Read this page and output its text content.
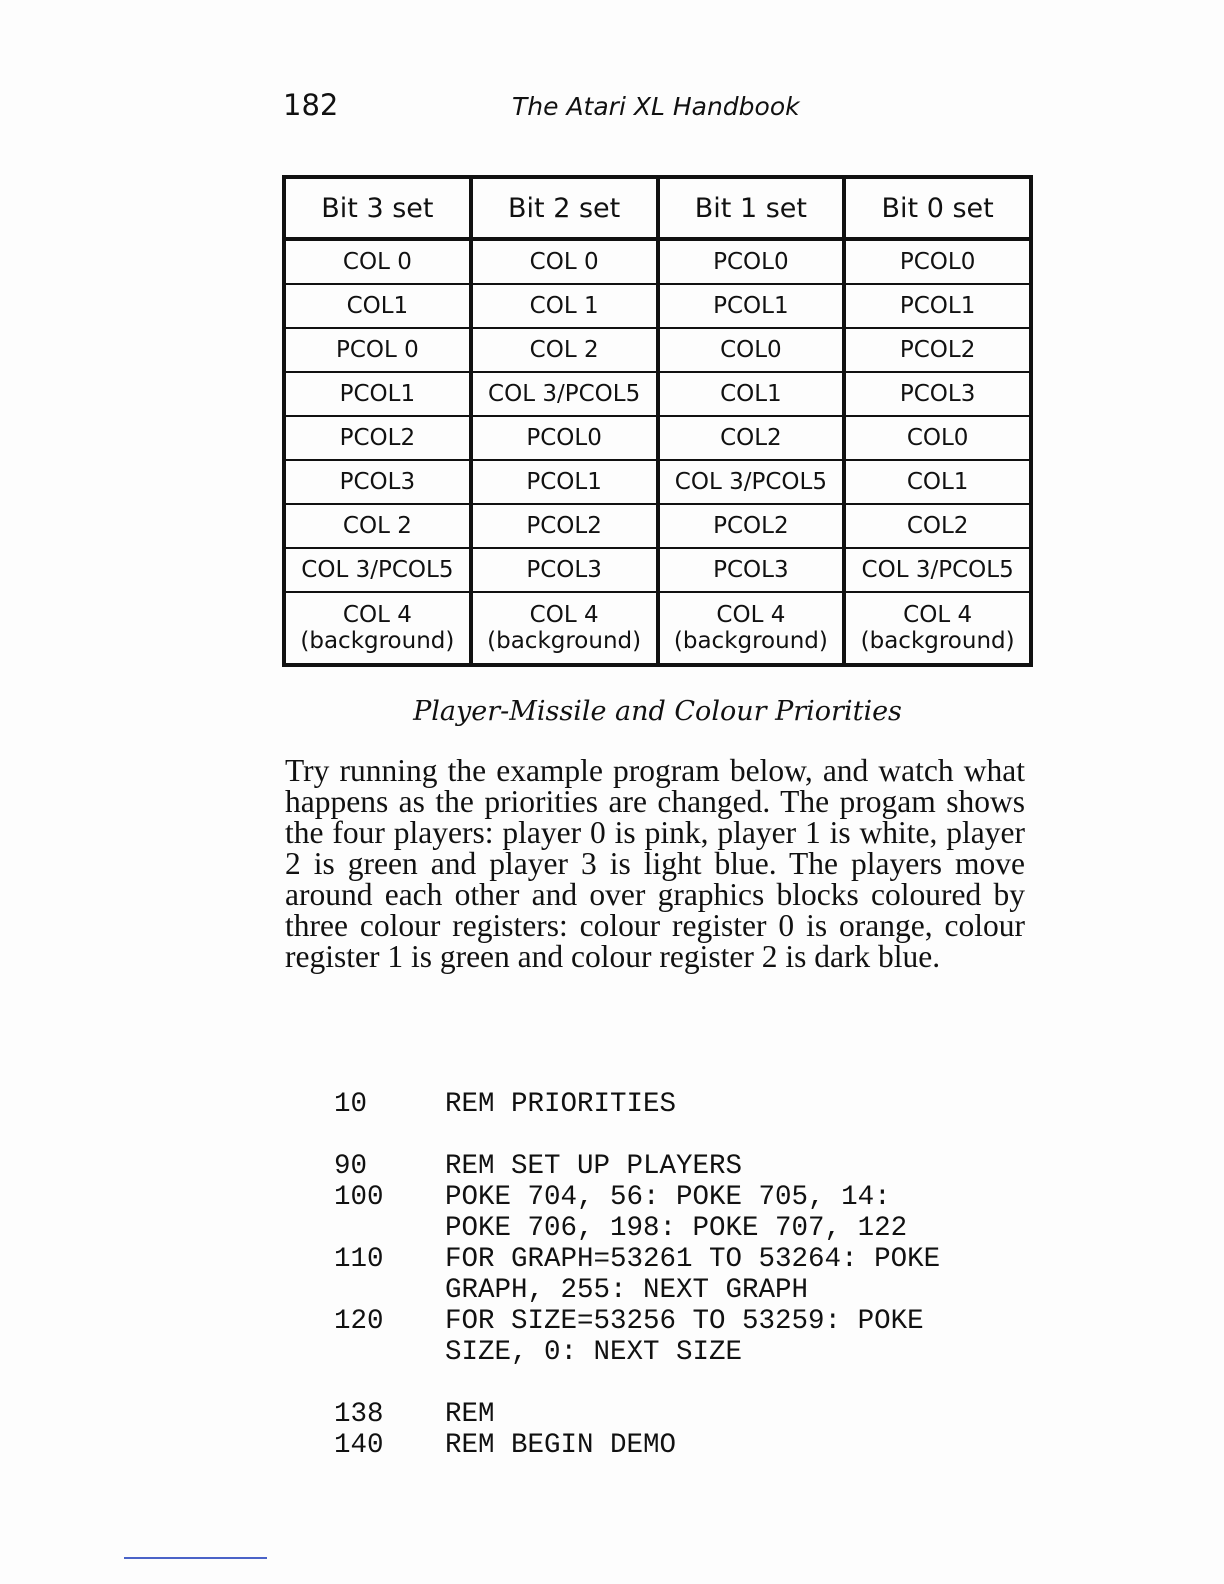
182	The Atari XL Handbook
Bit 3 set	Bit 2 set	Bit 1 set	Bit 0 set
COL 0	COL 0	PCOL0	PCOL0
COL1	COL 1	PCOL1	PCOL1
PCOL 0	COL 2	COL0	PCOL2
PCOL1	COL 3/PCOL5	COL1	PCOL3
PCOL2	PCOL0	COL2	COL0
PCOL3	PCOL1	COL 3/PCOL5	COL1
COL 2	PCOL2	PCOL2	COL2
COL 3/PCOL5	PCOL3	PCOL3	COL 3/PCOL5
COL 4
(background)	COL 4
(background)	COL 4
(background)	COL 4
(background)
Player-Missile and Colour Priorities

Try running the example program below, and watch what happens as the priorities are changed. The progam shows the four players: player 0 is pink, player 1 is white, player 2 is green and player 3 is light blue. The players move around each other and over graphics blocks coloured by three colour registers: colour register 0 is orange, colour register 1 is green and colour register 2 is dark blue.

10	REM PRIORITIES
90	REM SET UP PLAYERS
100	POKE 704, 56: POKE 705, 14:
POKE 706, 198: POKE 707, 122
110	FOR GRAPH=53261 TO 53264: POKE
GRAPH, 255: NEXT GRAPH
120	FOR SIZE=53256 TO 53259: POKE
SIZE, 0: NEXT SIZE
138	REM
140	REM BEGIN DEMO
